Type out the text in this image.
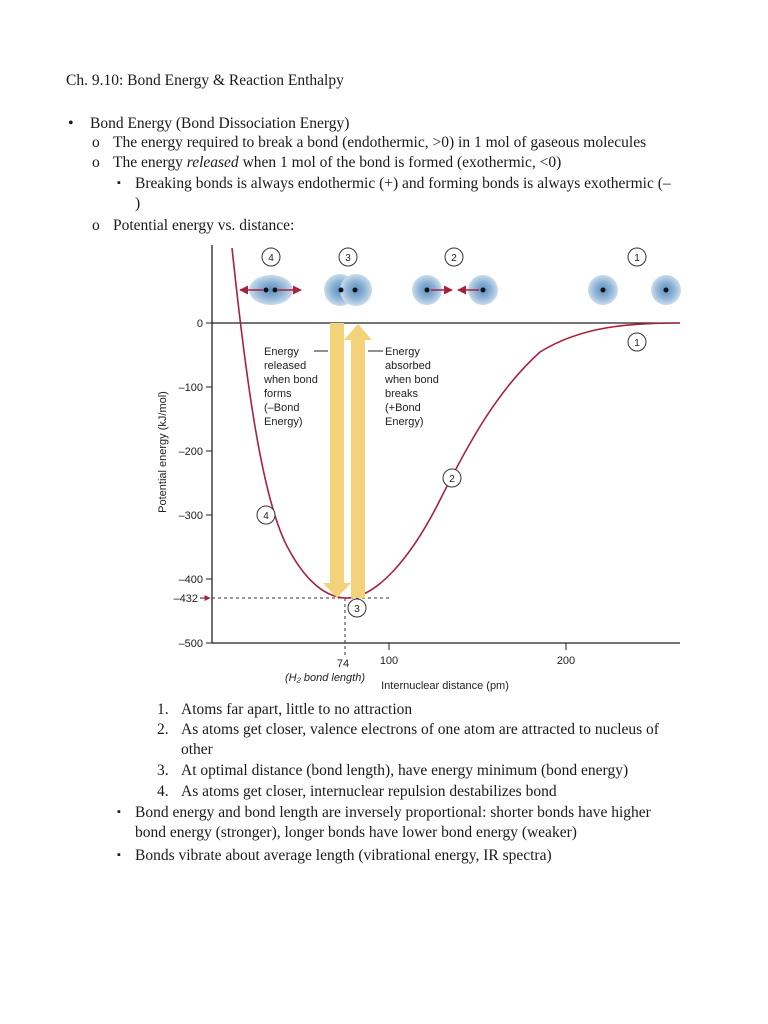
Ch. 9.10: Bond Energy & Reaction Enthalpy
• Bond Energy (Bond Dissociation Energy)
o The energy required to break a bond (endothermic, >0) in 1 mol of gaseous molecules
o The energy released when 1 mol of the bond is formed (exothermic, <0)
▪ Breaking bonds is always endothermic (+) and forming bonds is always exothermic (–
)
o Potential energy vs. distance:
0
–100
–200
–300
–400
–500
100	200
Potential energy (kJ/mol)
Internuclear distance (pm)
–432
74
(H₂ bond length)
Energy
released
when bond
forms
(–Bond
Energy)
Energy
absorbed
when bond
breaks
(+Bond
Energy)
1
2
3
4
4	3	2	1
1. Atoms far apart, little to no attraction
2. As atoms get closer, valence electrons of one atom are attracted to nucleus of
other
3. At optimal distance (bond length), have energy minimum (bond energy)
4. As atoms get closer, internuclear repulsion destabilizes bond
▪ Bond energy and bond length are inversely proportional: shorter bonds have higher
bond energy (stronger), longer bonds have lower bond energy (weaker)
▪ Bonds vibrate about average length (vibrational energy, IR spectra)
